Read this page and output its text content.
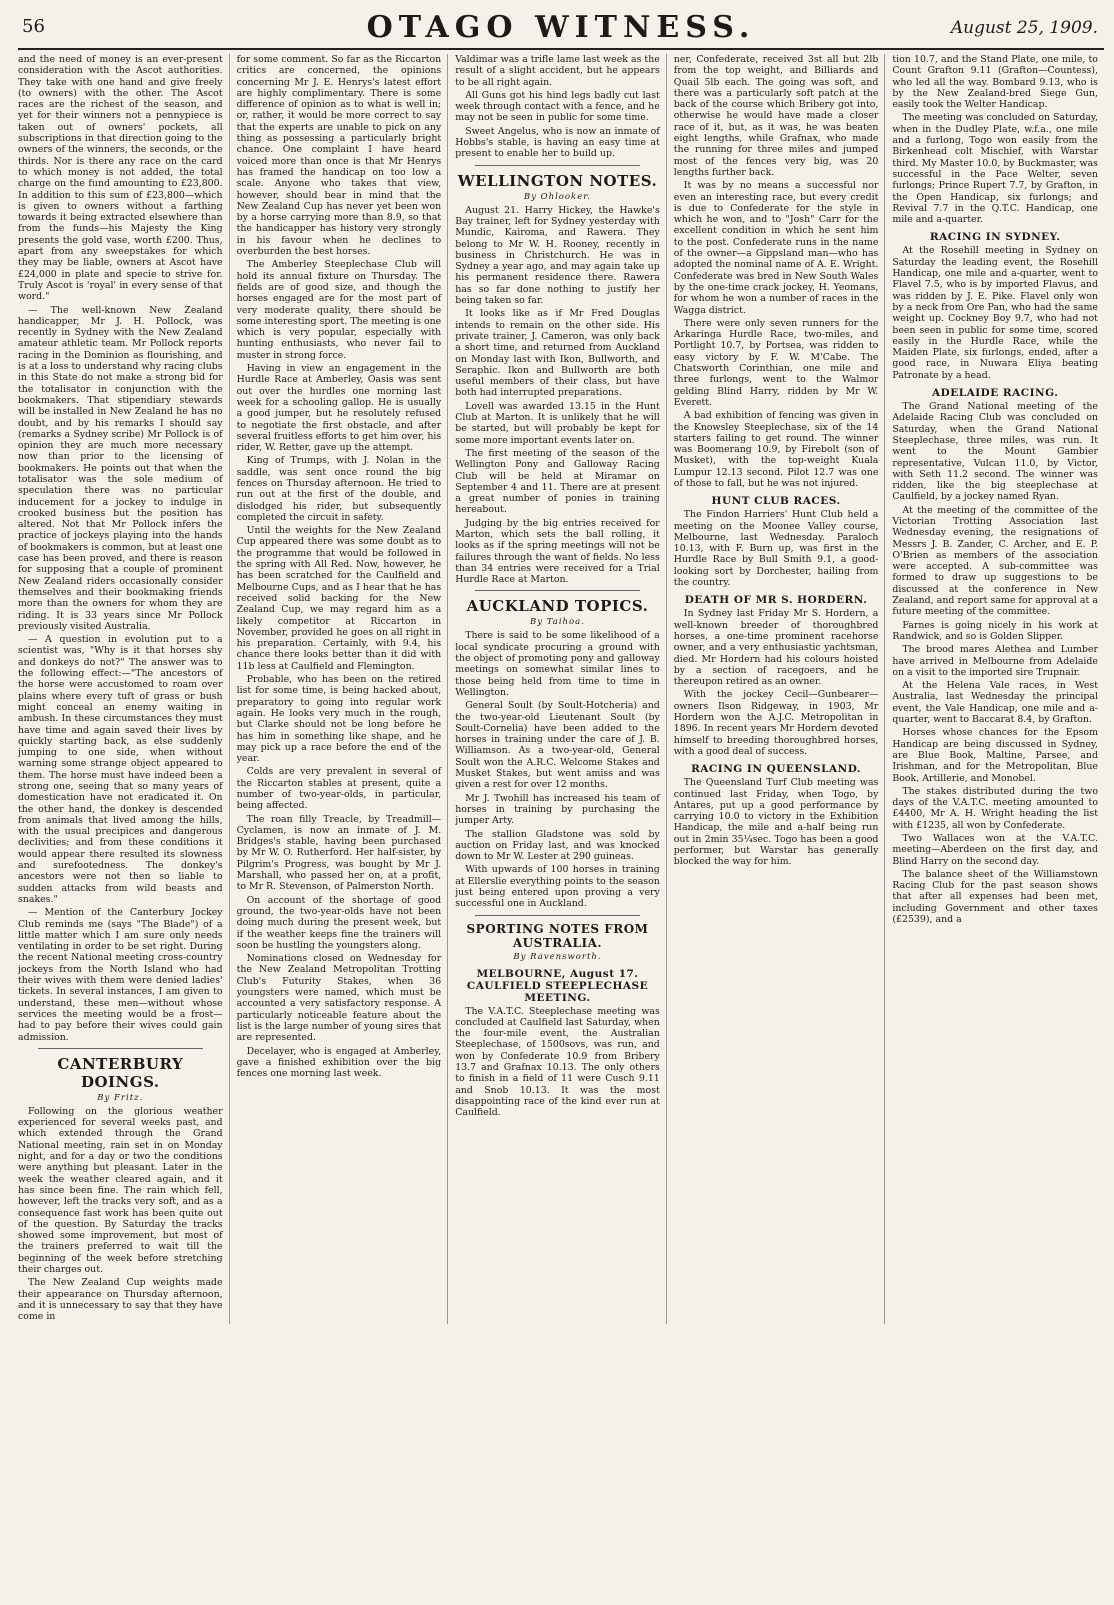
56	OTAGO WITNESS.	August 25, 1909.

and the need of money is an ever-present consideration with the Ascot authorities. They take with one hand and give freely (to owners) with the other. The Ascot races are the richest of the season, and yet for their winners not a pennypiece is taken out of owners' pockets, all subscriptions in that direction going to the owners of the winners, the seconds, or the thirds. Nor is there any race on the card to which money is not added, the total charge on the fund amounting to £23,800. In addition to this sum of £23,800—which is given to owners without a farthing towards it being extracted elsewhere than from the funds—his Majesty the King presents the gold vase, worth £200. Thus, apart from any sweepstakes for which they may be liable, owners at Ascot have £24,000 in plate and specie to strive for. Truly Ascot is 'royal' in every sense of that word."

— The well-known New Zealand handicapper, Mr J. H. Pollock, was recently in Sydney with the New Zealand amateur athletic team. Mr Pollock reports racing in the Dominion as flourishing, and is at a loss to understand why racing clubs in this State do not make a strong bid for the totalisator in conjunction with the bookmakers. That stipendiary stewards will be installed in New Zealand he has no doubt, and by his remarks I should say (remarks a Sydney scribe) Mr Pollock is of opinion they are much more necessary now than prior to the licensing of bookmakers. He points out that when the totalisator was the sole medium of speculation there was no particular inducement for a jockey to indulge in crooked business but the position has altered. Not that Mr Pollock infers the practice of jockeys playing into the hands of bookmakers is common, but at least one case has been proved, and there is reason for supposing that a couple of prominent New Zealand riders occasionally consider themselves and their bookmaking friends more than the owners for whom they are riding. It is 33 years since Mr Pollock previously visited Australia.

— A question in evolution put to a scientist was, "Why is it that horses shy and donkeys do not?" The answer was to the following effect:—"The ancestors of the horse were accustomed to roam over plains where every tuft of grass or bush might conceal an enemy waiting in ambush. In these circumstances they must have time and again saved their lives by quickly starting back, as else suddenly jumping to one side, when without warning some strange object appeared to them. The horse must have indeed been a strong one, seeing that so many years of domestication have not eradicated it. On the other hand, the donkey is descended from animals that lived among the hills, with the usual precipices and dangerous declivities; and from these conditions it would appear there resulted its slowness and surefootedness. The donkey's ancestors were not then so liable to sudden attacks from wild beasts and snakes."

— Mention of the Canterbury Jockey Club reminds me (says "The Blade") of a little matter which I am sure only needs ventilating in order to be set right. During the recent National meeting cross-country jockeys from the North Island who had their wives with them were denied ladies' tickets. In several instances, I am given to understand, these men—without whose services the meeting would be a frost—had to pay before their wives could gain admission.

CANTERBURY DOINGS.
By Fritz.

Following on the glorious weather experienced for several weeks past, and which extended through the Grand National meeting, rain set in on Monday night, and for a day or two the conditions were anything but pleasant. Later in the week the weather cleared again, and it has since been fine. The rain which fell, however, left the tracks very soft, and as a consequence fast work has been quite out of the question. By Saturday the tracks showed some improvement, but most of the trainers preferred to wait till the beginning of the week before stretching their charges out.

The New Zealand Cup weights made their appearance on Thursday afternoon, and it is unnecessary to say that they have come in

for some comment. So far as the Riccarton critics are concerned, the opinions concerning Mr J. E. Henrys's latest effort are highly complimentary. There is some difference of opinion as to what is well in; or, rather, it would be more correct to say that the experts are unable to pick on any thing as possessing a particularly bright chance. One complaint I have heard voiced more than once is that Mr Henrys has framed the handicap on too low a scale. Anyone who takes that view, however, should bear in mind that the New Zealand Cup has never yet been won by a horse carrying more than 8.9, so that the handicapper has history very strongly in his favour when he declines to overburden the best horses.

The Amberley Steeplechase Club will hold its annual fixture on Thursday. The fields are of good size, and though the horses engaged are for the most part of very moderate quality, there should be some interesting sport. The meeting is one which is very popular, especially with hunting enthusiasts, who never fail to muster in strong force.

Having in view an engagement in the Hurdle Race at Amberley, Oasis was sent out over the hurdles one morning last week for a schooling gallop. He is usually a good jumper, but he resolutely refused to negotiate the first obstacle, and after several fruitless efforts to get him over, his rider, W. Retter, gave up the attempt.

King of Trumps, with J. Nolan in the saddle, was sent once round the big fences on Thursday afternoon. He tried to run out at the first of the double, and dislodged his rider, but subsequently completed the circuit in safety.

Until the weights for the New Zealand Cup appeared there was some doubt as to the programme that would be followed in the spring with All Red. Now, however, he has been scratched for the Caulfield and Melbourne Cups, and as I hear that he has received solid backing for the New Zealand Cup, we may regard him as a likely competitor at Riccarton in November, provided he goes on all right in his preparation. Certainly, with 9.4, his chance there looks better than it did with 11b less at Caulfield and Flemington.

Probable, who has been on the retired list for some time, is being hacked about, preparatory to going into regular work again. He looks very much in the rough, but Clarke should not be long before he has him in something like shape, and he may pick up a race before the end of the year.

Colds are very prevalent in several of the Riccarton stables at present, quite a number of two-year-olds, in particular, being affected.

The roan filly Treacle, by Treadmill—Cyclamen, is now an inmate of J. M. Bridges's stable, having been purchased by Mr W. O. Rutherford. Her half-sister, by Pilgrim's Progress, was bought by Mr J. Marshall, who passed her on, at a profit, to Mr R. Stevenson, of Palmerston North.

On account of the shortage of good ground, the two-year-olds have not been doing much during the present week, but if the weather keeps fine the trainers will soon be hustling the youngsters along.

Nominations closed on Wednesday for the New Zealand Metropolitan Trotting Club's Futurity Stakes, when 36 youngsters were named, which must be accounted a very satisfactory response. A particularly noticeable feature about the list is the large number of young sires that are represented.

Decelayer, who is engaged at Amberley, gave a finished exhibition over the big fences one morning last week.

Valdimar was a trifle lame last week as the result of a slight accident, but he appears to be all right again.

All Guns got his hind legs badly cut last week through contact with a fence, and he may not be seen in public for some time.

Sweet Angelus, who is now an inmate of Hobbs's stable, is having an easy time at present to enable her to build up.

WELLINGTON NOTES.
By Ohlooker.

August 21. Harry Hickey, the Hawke's Bay trainer, left for Sydney yesterday with Mundic, Kairoma, and Rawera. They belong to Mr W. H. Rooney, recently in business in Christchurch. He was in Sydney a year ago, and may again take up his permanent residence there. Rawera has so far done nothing to justify her being taken so far.

It looks like as if Mr Fred Douglas intends to remain on the other side. His private trainer, J. Cameron, was only back a short time, and returned from Auckland on Monday last with Ikon, Bullworth, and Seraphic. Ikon and Bullworth are both useful members of their class, but have both had interrupted preparations.

Lovell was awarded 13.15 in the Hunt Club at Marton. It is unlikely that he will be started, but will probably be kept for some more important events later on.

The first meeting of the season of the Wellington Pony and Galloway Racing Club will be held at Miramar on September 4 and 11. There are at present a great number of ponies in training hereabout.

Judging by the big entries received for Marton, which sets the ball rolling, it looks as if the spring meetings will not be failures through the want of fields. No less than 34 entries were received for a Trial Hurdle Race at Marton.

AUCKLAND TOPICS.
By Taihoa.

There is said to be some likelihood of a local syndicate procuring a ground with the object of promoting pony and galloway meetings on somewhat similar lines to those being held from time to time in Wellington.

General Soult (by Soult-Hotcheria) and the two-year-old Lieutenant Soult (by Soult-Cornelia) have been added to the horses in training under the care of J. B. Williamson. As a two-year-old, General Soult won the A.R.C. Welcome Stakes and Musket Stakes, but went amiss and was given a rest for over 12 months.

Mr J. Twohill has increased his team of horses in training by purchasing the jumper Arty.

The stallion Gladstone was sold by auction on Friday last, and was knocked down to Mr W. Lester at 290 guineas.

With upwards of 100 horses in training at Ellerslie everything points to the season just being entered upon proving a very successful one in Auckland.

SPORTING NOTES FROM AUSTRALIA.
By Ravensworth.
MELBOURNE, August 17. CAULFIELD STEEPLECHASE MEETING.

The V.A.T.C. Steeplechase meeting was concluded at Caulfield last Saturday, when the four-mile event, the Australian Steeplechase, of 1500sovs, was run, and won by Confederate 10.9 from Bribery 13.7 and Grafnax 10.13. The only others to finish in a field of 11 were Cusch 9.11 and Snob 10.13. It was the most disappointing race of the kind ever run at Caulfield.

ner, Confederate, received 3st all but 2lb from the top weight, and Billiards and Quail 5lb each. The going was soft, and there was a particularly soft patch at the back of the course which Bribery got into, otherwise he would have made a closer race of it, but, as it was, he was beaten eight lengths, while Grafnax, who made the running for three miles and jumped most of the fences very big, was 20 lengths further back.

It was by no means a successful nor even an interesting race, but every credit is due to Confederate for the style in which he won, and to "Josh" Carr for the excellent condition in which he sent him to the post. Confederate runs in the name of the owner—a Gippsland man—who has adopted the nominal name of A. E. Wright. Confederate was bred in New South Wales by the one-time crack jockey, H. Yeomans, for whom he won a number of races in the Wagga district.

There were only seven runners for the Arkaringa Hurdle Race, two-miles, and Portlight 10.7, by Portsea, was ridden to easy victory by F. W. M'Cabe. The Chatsworth Corinthian, one mile and three furlongs, went to the Walmor gelding Blind Harry, ridden by Mr W. Everett.

A bad exhibition of fencing was given in the Knowsley Steeplechase, six of the 14 starters failing to get round. The winner was Boomerang 10.9, by Firebolt (son of Musket), with the top-weight Kuala Lumpur 12.13 second. Pilot 12.7 was one of those to fall, but he was not injured.

HUNT CLUB RACES.

The Findon Harriers' Hunt Club held a meeting on the Moonee Valley course, Melbourne, last Wednesday. Paraloch 10.13, with F. Burn up, was first in the Hurdle Race by Bull Smith 9.1, a good-looking sort by Dorchester, hailing from the country.

DEATH OF MR S. HORDERN.

In Sydney last Friday Mr S. Hordern, a well-known breeder of thoroughbred horses, a one-time prominent racehorse owner, and a very enthusiastic yachtsman, died. Mr Hordern had his colours hoisted by a section of racegoers, and he thereupon retired as an owner.

With the jockey Cecil—Gunbearer—owners Ilson Ridgeway, in 1903, Mr Hordern won the A.J.C. Metropolitan in 1896. In recent years Mr Hordern devoted himself to breeding thoroughbred horses, with a good deal of success.

RACING IN QUEENSLAND.

The Queensland Turf Club meeting was continued last Friday, when Togo, by Antares, put up a good performance by carrying 10.0 to victory in the Exhibition Handicap, the mile and a-half being run out in 2min 35¼sec. Togo has been a good performer, but Warstar has generally blocked the way for him.

tion 10.7, and the Stand Plate, one mile, to Count Grafton 9.11 (Grafton—Countess), who led all the way. Bombard 9.13, who is by the New Zealand-bred Siege Gun, easily took the Welter Handicap.

The meeting was concluded on Saturday, when in the Dudley Plate, w.f.a., one mile and a furlong, Togo won easily from the Birkenhead colt Mischief, with Warstar third. My Master 10.0, by Buckmaster, was successful in the Pace Welter, seven furlongs; Prince Rupert 7.7, by Grafton, in the Open Handicap, six furlongs; and Revival 7.7 in the Q.T.C. Handicap, one mile and a-quarter.

RACING IN SYDNEY.

At the Rosehill meeting in Sydney on Saturday the leading event, the Rosehill Handicap, one mile and a-quarter, went to Flavel 7.5, who is by imported Flavus, and was ridden by J. E. Pike. Flavel only won by a neck from Ore Pan, who had the same weight up. Cockney Boy 9.7, who had not been seen in public for some time, scored easily in the Hurdle Race, while the Maiden Plate, six furlongs, ended, after a good race, in Nuwara Eliya beating Patronate by a head.

ADELAIDE RACING.

The Grand National meeting of the Adelaide Racing Club was concluded on Saturday, when the Grand National Steeplechase, three miles, was run. It went to the Mount Gambier representative, Vulcan 11.0, by Victor, with Seth 11.2 second. The winner was ridden, like the big steeplechase at Caulfield, by a jockey named Ryan.

At the meeting of the committee of the Victorian Trotting Association last Wednesday evening, the resignations of Messrs J. B. Zander, C. Archer, and E. P. O'Brien as members of the association were accepted. A sub-committee was formed to draw up suggestions to be discussed at the conference in New Zealand, and report same for approval at a future meeting of the committee.

Farnes is going nicely in his work at Randwick, and so is Golden Slipper.

The brood mares Alethea and Lumber have arrived in Melbourne from Adelaide on a visit to the imported sire Trupnair.

At the Helena Vale races, in West Australia, last Wednesday the principal event, the Vale Handicap, one mile and a-quarter, went to Baccarat 8.4, by Grafton.

Horses whose chances for the Epsom Handicap are being discussed in Sydney, are Blue Book, Maltine, Parsee, and Irishman, and for the Metropolitan, Blue Book, Artillerie, and Monobel.

The stakes distributed during the two days of the V.A.T.C. meeting amounted to £4400, Mr A. H. Wright heading the list with £1235, all won by Confederate.

Two Wallaces won at the V.A.T.C. meeting—Aberdeen on the first day, and Blind Harry on the second day.

The balance sheet of the Williamstown Racing Club for the past season shows that after all expenses had been met, including Government and other taxes (£2539), and a
